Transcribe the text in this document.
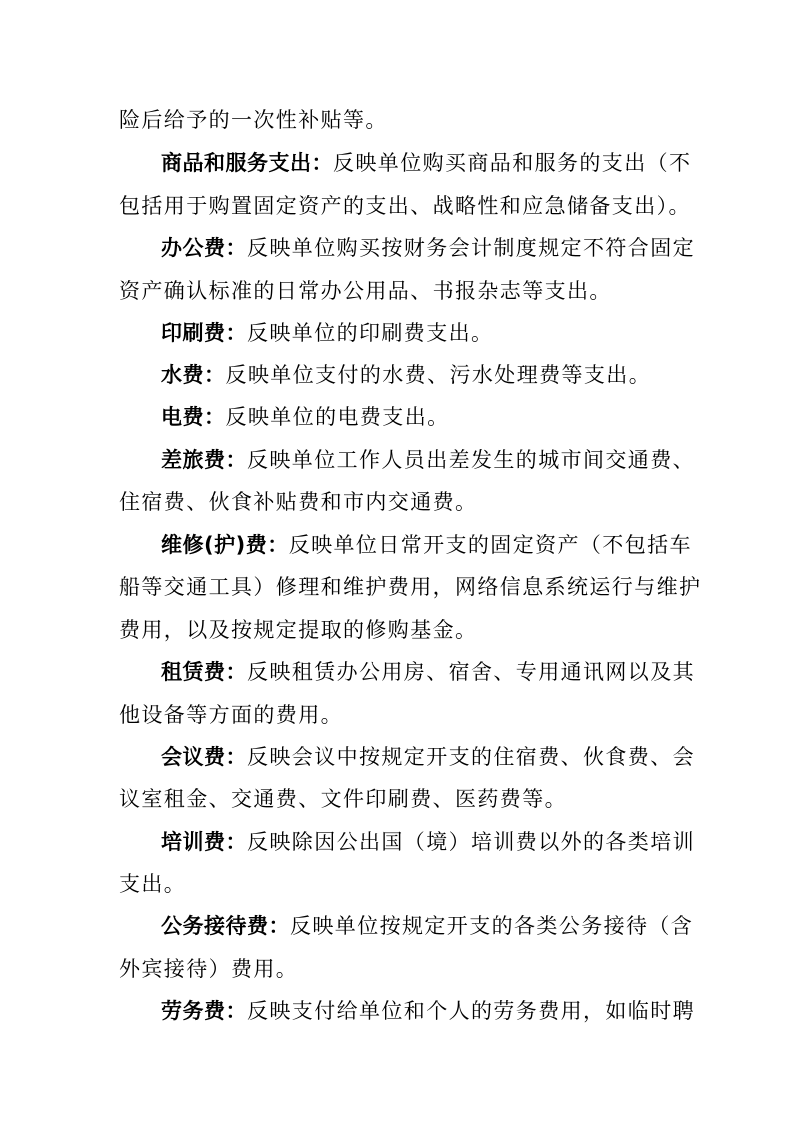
险后给予的一次性补贴等。
商品和服务支出：反映单位购买商品和服务的支出（不
包括用于购置固定资产的支出、战略性和应急储备支出）。
办公费：反映单位购买按财务会计制度规定不符合固定
资产确认标准的日常办公用品、书报杂志等支出。
印刷费：反映单位的印刷费支出。
水费：反映单位支付的水费、污水处理费等支出。
电费：反映单位的电费支出。
差旅费：反映单位工作人员出差发生的城市间交通费、
住宿费、伙食补贴费和市内交通费。
维修(护)费：反映单位日常开支的固定资产（不包括车
船等交通工具）修理和维护费用，网络信息系统运行与维护
费用，以及按规定提取的修购基金。
租赁费：反映租赁办公用房、宿舍、专用通讯网以及其
他设备等方面的费用。
会议费：反映会议中按规定开支的住宿费、伙食费、会
议室租金、交通费、文件印刷费、医药费等。
培训费：反映除因公出国（境）培训费以外的各类培训
支出。
公务接待费：反映单位按规定开支的各类公务接待（含
外宾接待）费用。
劳务费：反映支付给单位和个人的劳务费用，如临时聘
